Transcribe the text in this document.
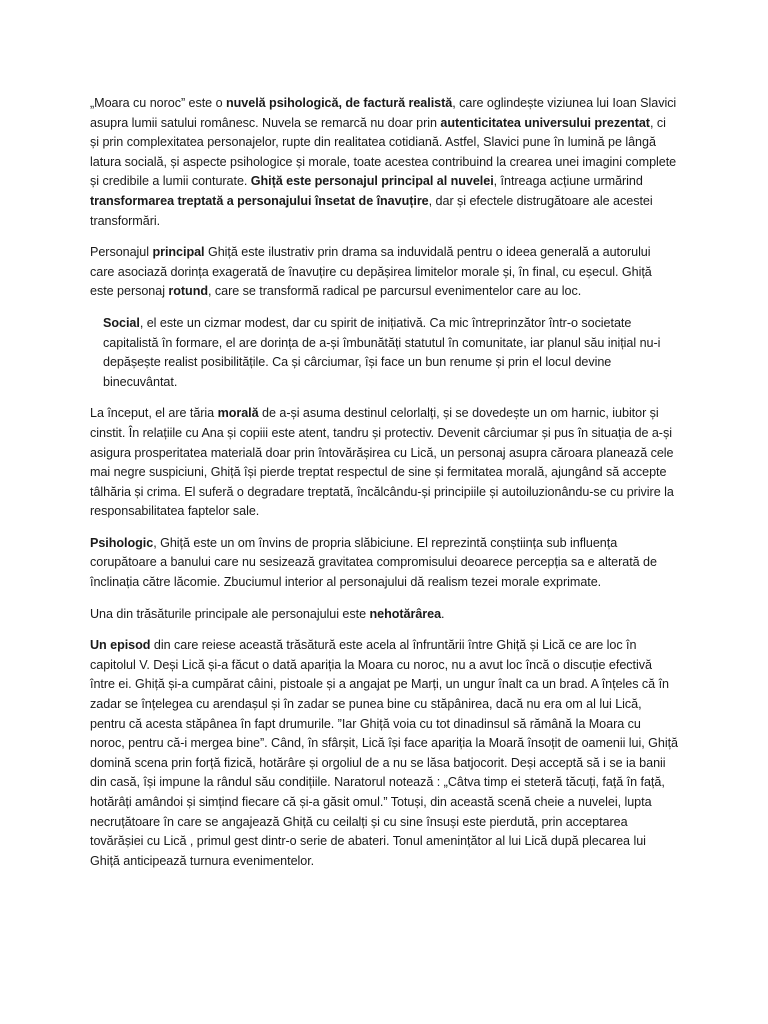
„Moara cu noroc” este o nuvelă psihologică, de factură realistă, care oglindește viziunea lui Ioan Slavici asupra lumii satului românesc. Nuvela se remarcă nu doar prin autenticitatea universului prezentat, ci și prin complexitatea personajelor, rupte din realitatea cotidiană. Astfel, Slavici pune în lumină pe lângă latura socială, și aspecte psihologice și morale, toate acestea contribuind la crearea unei imagini complete și credibile a lumii conturate. Ghiță este personajul principal al nuvelei, întreaga acțiune urmărind transformarea treptată a personajului însetat de înavuțire, dar și efectele distrugătoare ale acestei transformări.

Personajul principal Ghiță este ilustrativ prin drama sa induvidală pentru o ideea generală a autorului care asociază dorința exagerată de înavuțire cu depășirea limitelor morale și, în final, cu eșecul. Ghiță este personaj rotund, care se transformă radical pe parcursul evenimentelor care au loc.

Social, el este un cizmar modest, dar cu spirit de inițiativă. Ca mic întreprinzător într-o societate capitalistă în formare, el are dorința de a-și îmbunătăți statutul în comunitate, iar planul său inițial nu-i depășește realist posibilitățile. Ca și cârciumar, își face un bun renume și prin el locul devine binecuvântat.

La început, el are tăria morală de a-și asuma destinul celorlalți, și se dovedește un om harnic, iubitor și cinstit. În relațiile cu Ana și copiii este atent, tandru și protectiv. Devenit cârciumar și pus în situația de a-și asigura prosperitatea materială doar prin întovărășirea cu Lică, un personaj asupra căroara planează cele mai negre suspiciuni, Ghiță își pierde treptat respectul de sine și fermitatea morală, ajungând să accepte tâlhăria și crima. El suferă o degradare treptată, încălcându-și principiile și autoiluzionându-se cu privire la responsabilitatea faptelor sale.

Psihologic, Ghiță este un om învins de propria slăbiciune. El reprezintă conștiința sub influența corupătoare a banului care nu sesizează gravitatea compromisului deoarece percepția sa e alterată de înclinația către lăcomie. Zbuciumul interior al personajului dă realism tezei morale exprimate.

Una din trăsăturile principale ale personajului este nehotărârea.

Un episod din care reiese această trăsătură este acela al înfruntării între Ghiță și Lică ce are loc în capitolul V. Deși Lică și-a făcut o dată apariția la Moara cu noroc, nu a avut loc încă o discuție efectivă între ei. Ghiță și-a cumpărat câini, pistoale și a angajat pe Marți, un ungur înalt ca un brad. A înțeles că în zadar se înțelegea cu arendașul și în zadar se punea bine cu stăpânirea, dacă nu era om al lui Lică, pentru că acesta stăpânea în fapt drumurile. ”Iar Ghiță voia cu tot dinadinsul să rămână la Moara cu noroc, pentru că-i mergea bine”. Când, în sfârșit, Lică își face apariția la Moară însoțit de oamenii lui, Ghiță domină scena prin forță fizică, hotărâre și orgoliul de a nu se lăsa batjocorit. Deși acceptă să i se ia banii din casă, își impune la rândul său condițiile. Naratorul notează : „Câtva timp ei steteră tăcuți, față în față, hotărâți amândoi și simțind fiecare că și-a găsit omul.” Totuși, din această scenă cheie a nuvelei, lupta necruțătoare în care se angajează Ghiță cu ceilalți și cu sine însuși este pierdută, prin acceptarea tovărășiei cu Lică , primul gest dintr-o serie de abateri. Tonul amenințător al lui Lică după plecarea lui Ghiță anticipează turnura evenimentelor.
